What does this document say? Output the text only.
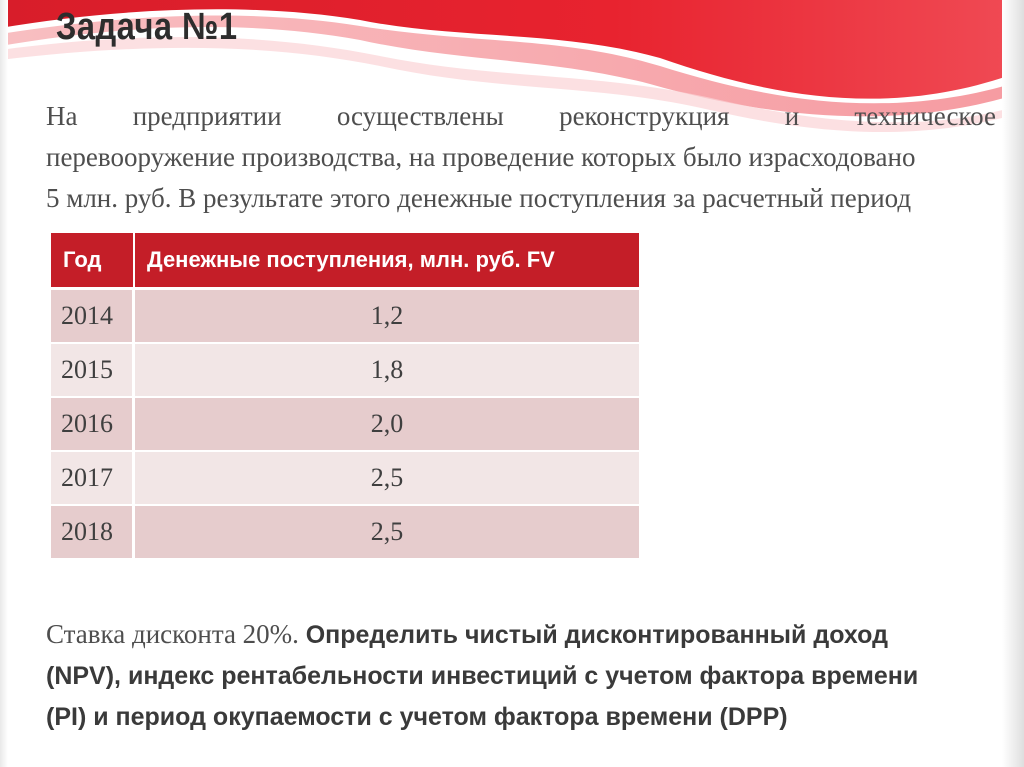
Задача №1

На предприятии осуществлены реконструкция и техническое
перевооружение производства, на проведение которых было израсходовано
5 млн. руб. В результате этого денежные поступления за расчетный период

Год	Денежные поступления, млн. руб. FV
2014	1,2
2015	1,8
2016	2,0
2017	2,5
2018	2,5

Ставка дисконта 20%. Определить чистый дисконтированный доход
(NPV), индекс рентабельности инвестиций с учетом фактора времени
(PI) и период окупаемости с учетом фактора времени (DPP)
